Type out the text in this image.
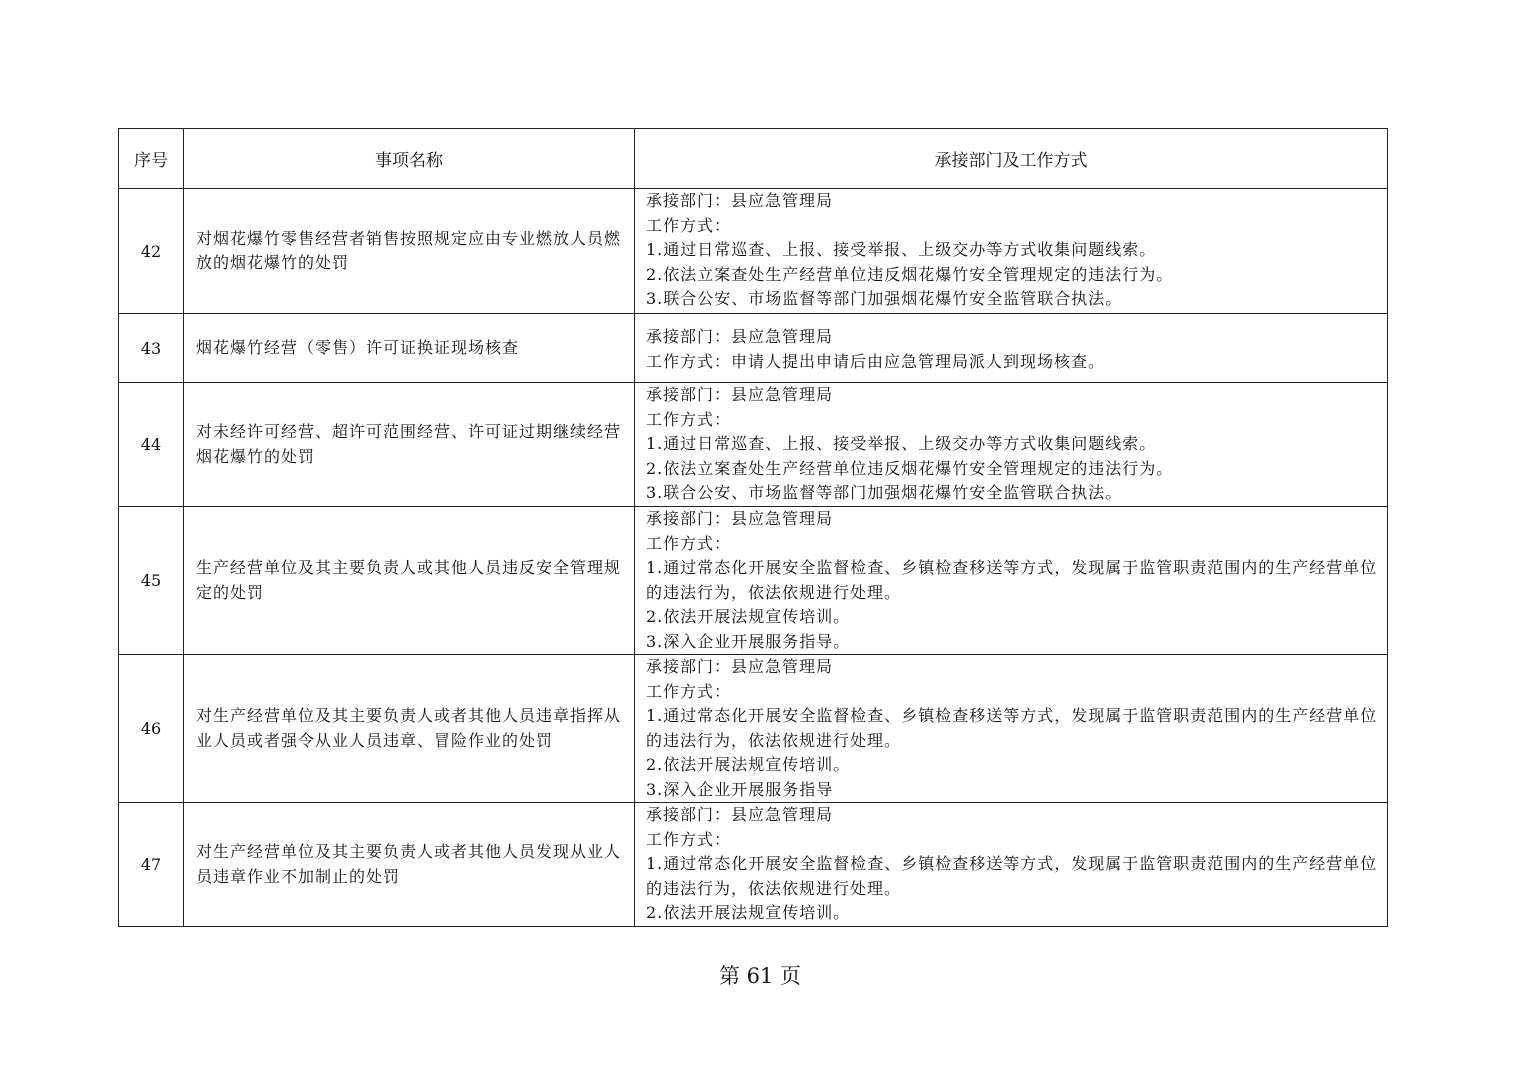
序号	事项名称	承接部门及工作方式
42	对烟花爆竹零售经营者销售按照规定应由专业燃放人员燃放的烟花爆竹的处罚	承接部门：县应急管理局
工作方式：
1.通过日常巡查、上报、接受举报、上级交办等方式收集问题线索。
2.依法立案查处生产经营单位违反烟花爆竹安全管理规定的违法行为。
3.联合公安、市场监督等部门加强烟花爆竹安全监管联合执法。

43	烟花爆竹经营（零售）许可证换证现场核查	承接部门：县应急管理局
工作方式：申请人提出申请后由应急管理局派人到现场核查。

44	对未经许可经营、超许可范围经营、许可证过期继续经营烟花爆竹的处罚	承接部门：县应急管理局
工作方式：
1.通过日常巡查、上报、接受举报、上级交办等方式收集问题线索。
2.依法立案查处生产经营单位违反烟花爆竹安全管理规定的违法行为。
3.联合公安、市场监督等部门加强烟花爆竹安全监管联合执法。

45	生产经营单位及其主要负责人或其他人员违反安全管理规定的处罚	承接部门：县应急管理局
工作方式：
1.通过常态化开展安全监督检查、乡镇检查移送等方式，发现属于监管职责范围内的生产经营单位的违法行为，依法依规进行处理。
2.依法开展法规宣传培训。
3.深入企业开展服务指导。

46	对生产经营单位及其主要负责人或者其他人员违章指挥从业人员或者强令从业人员违章、冒险作业的处罚	承接部门：县应急管理局
工作方式：
1.通过常态化开展安全监督检查、乡镇检查移送等方式，发现属于监管职责范围内的生产经营单位的违法行为，依法依规进行处理。
2.依法开展法规宣传培训。
3.深入企业开展服务指导

47	对生产经营单位及其主要负责人或者其他人员发现从业人员违章作业不加制止的处罚	承接部门：县应急管理局
工作方式：
1.通过常态化开展安全监督检查、乡镇检查移送等方式，发现属于监管职责范围内的生产经营单位的违法行为，依法依规进行处理。
2.依法开展法规宣传培训。
第 61 页
